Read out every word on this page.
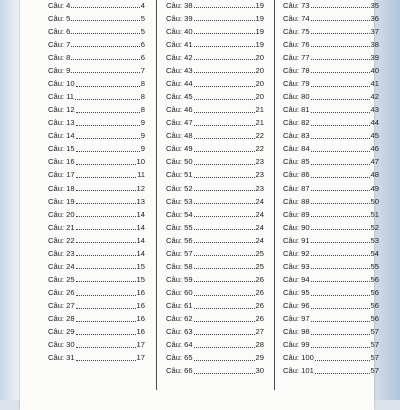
Câu: 4	4
Câu: 5	5
Câu: 6	5
Câu: 7	6
Câu: 8	6
Câu: 9	7
Câu: 10	8
Câu: 11	8
Câu: 12	8
Câu: 13	9
Câu: 14	9
Câu: 15	9
Câu: 16	10
Câu: 17	11
Câu: 18	12
Câu: 19	13
Câu: 20	14
Câu: 21	14
Câu: 22	14
Câu: 23	14
Câu: 24	15
Câu: 25	15
Câu: 26	16
Câu: 27	16
Câu: 28	16
Câu: 29	16
Câu: 30	17
Câu: 31	17
Câu: 38	19
Câu: 39	19
Câu: 40	19
Câu: 41	19
Câu: 42	20
Câu: 43	20
Câu: 44	20
Câu: 45	20
Câu: 46	21
Câu: 47	21
Câu: 48	22
Câu: 49	22
Câu: 50	23
Câu: 51	23
Câu: 52	23
Câu: 53	24
Câu: 54	24
Câu: 55	24
Câu: 56	24
Câu: 57	25
Câu: 58	25
Câu: 59	26
Câu: 60	26
Câu: 61	26
Câu: 62	26
Câu: 63	27
Câu: 64	28
Câu: 65	29
Câu: 66	30
Câu: 73	35
Câu: 74	36
Câu: 75	37
Câu: 76	38
Câu: 77	39
Câu: 78	40
Câu: 79	41
Câu: 80	42
Câu: 81	43
Câu: 82	44
Câu: 83	45
Câu: 84	46
Câu: 85	47
Câu: 86	48
Câu: 87	49
Câu: 88	50
Câu: 89	51
Câu: 90	52
Câu: 91	53
Câu: 92	54
Câu: 93	55
Câu: 94	56
Câu: 95	56
Câu: 96	56
Câu: 97	56
Câu: 98	57
Câu: 99	57
Câu: 100	57
Câu: 101	57
